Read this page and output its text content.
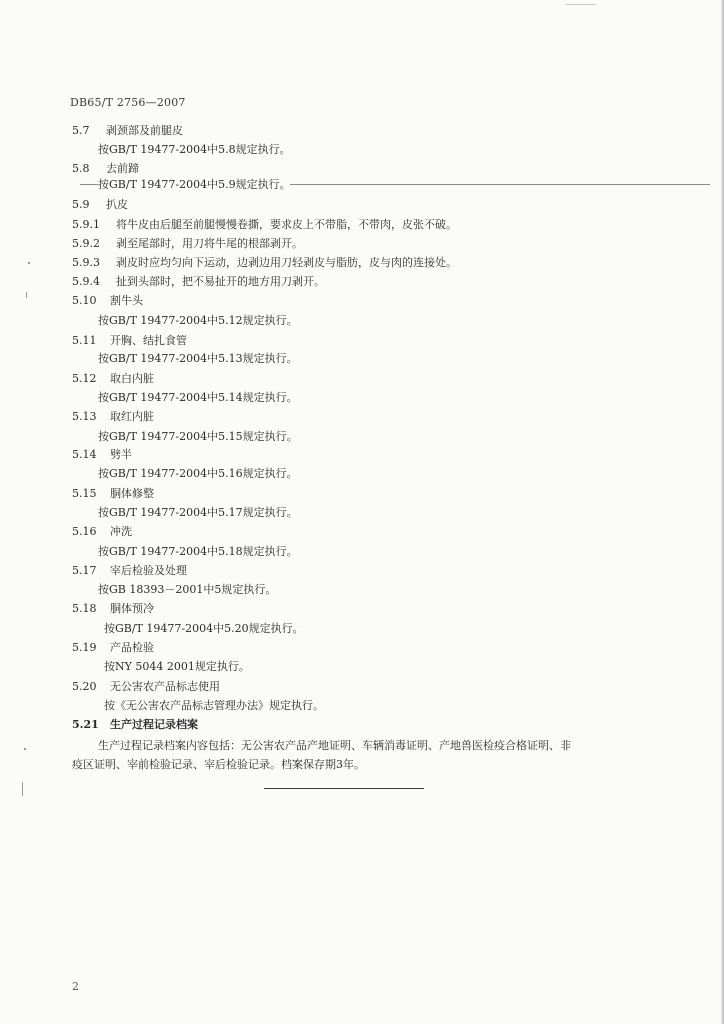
DB65/T 2756—2007
5.7 剥颈部及前腿皮
按GB/T 19477-2004中5.8规定执行。
5.8 去前蹄
按GB/T 19477-2004中5.9规定执行。
5.9 扒皮
5.9.1 将牛皮由后腿至前腿慢慢卷撕，要求皮上不带脂，不带肉，皮张不破。
5.9.2 剥至尾部时，用刀将牛尾的根部剥开。
5.9.3 剥皮时应均匀向下运动，边剥边用刀轻剥皮与脂肪，皮与肉的连接处。
5.9.4 扯到头部时，把不易扯开的地方用刀剥开。
5.10 割牛头
按GB/T 19477-2004中5.12规定执行。
5.11 开胸、结扎食管
按GB/T 19477-2004中5.13规定执行。
5.12 取白内脏
按GB/T 19477-2004中5.14规定执行。
5.13 取红内脏
按GB/T 19477-2004中5.15规定执行。
5.14 劈半
按GB/T 19477-2004中5.16规定执行。
5.15 胴体修整
按GB/T 19477-2004中5.17规定执行。
5.16 冲洗
按GB/T 19477-2004中5.18规定执行。
5.17 宰后检验及处理
按GB 18393－2001中5规定执行。
5.18 胴体预冷
按GB/T 19477-2004中5.20规定执行。
5.19 产品检验
按NY 5044 2001规定执行。
5.20 无公害农产品标志使用
按《无公害农产品标志管理办法》规定执行。
5.21 生产过程记录档案
生产过程记录档案内容包括：无公害农产品产地证明、车辆消毒证明、产地兽医检疫合格证明、非
疫区证明、宰前检验记录、宰后检验记录。档案保存期3年。
2
